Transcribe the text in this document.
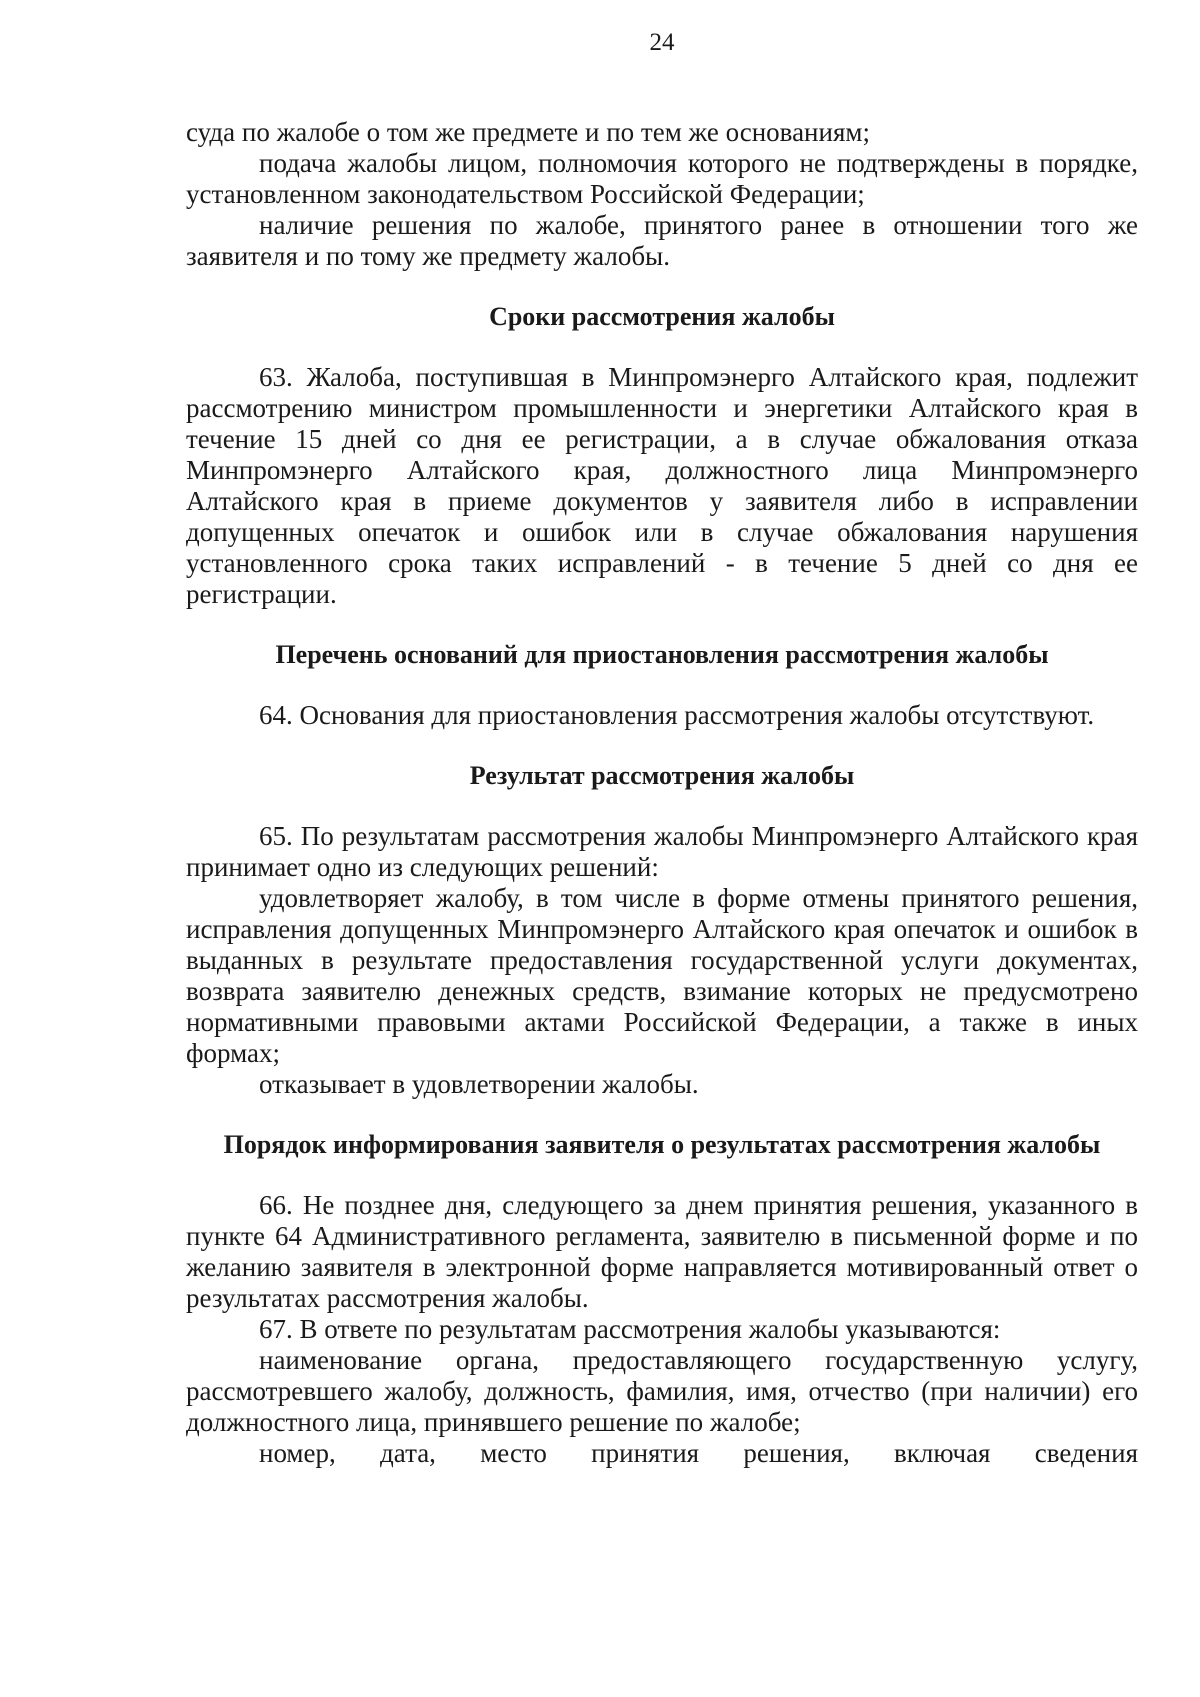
24

суда по жалобе о том же предмете и по тем же основаниям;

подача жалобы лицом, полномочия которого не подтверждены в порядке, установленном законодательством Российской Федерации;

наличие решения по жалобе, принятого ранее в отношении того же заявителя и по тому же предмету жалобы.

Сроки рассмотрения жалобы

63. Жалоба, поступившая в Минпромэнерго Алтайского края, подлежит рассмотрению министром промышленности и энергетики Алтайского края в течение 15 дней со дня ее регистрации, а в случае обжалования отказа Минпромэнерго Алтайского края, должностного лица Минпромэнерго Алтайского края в приеме документов у заявителя либо в исправлении допущенных опечаток и ошибок или в случае обжалования нарушения установленного срока таких исправлений - в течение 5 дней со дня ее регистрации.

Перечень оснований для приостановления рассмотрения жалобы

64. Основания для приостановления рассмотрения жалобы отсутствуют.

Результат рассмотрения жалобы

65. По результатам рассмотрения жалобы Минпромэнерго Алтайского края принимает одно из следующих решений:

удовлетворяет жалобу, в том числе в форме отмены принятого решения, исправления допущенных Минпромэнерго Алтайского края опечаток и ошибок в выданных в результате предоставления государственной услуги документах, возврата заявителю денежных средств, взимание которых не предусмотрено нормативными правовыми актами Российской Федерации, а также в иных формах;

отказывает в удовлетворении жалобы.

Порядок информирования заявителя о результатах рассмотрения жалобы

66. Не позднее дня, следующего за днем принятия решения, указанного в пункте 64 Административного регламента, заявителю в письменной форме и по желанию заявителя в электронной форме направляется мотивированный ответ о результатах рассмотрения жалобы.

67. В ответе по результатам рассмотрения жалобы указываются:

наименование органа, предоставляющего государственную услугу, рассмотревшего жалобу, должность, фамилия, имя, отчество (при наличии) его должностного лица, принявшего решение по жалобе;

номер, дата, место принятия решения, включая сведения
